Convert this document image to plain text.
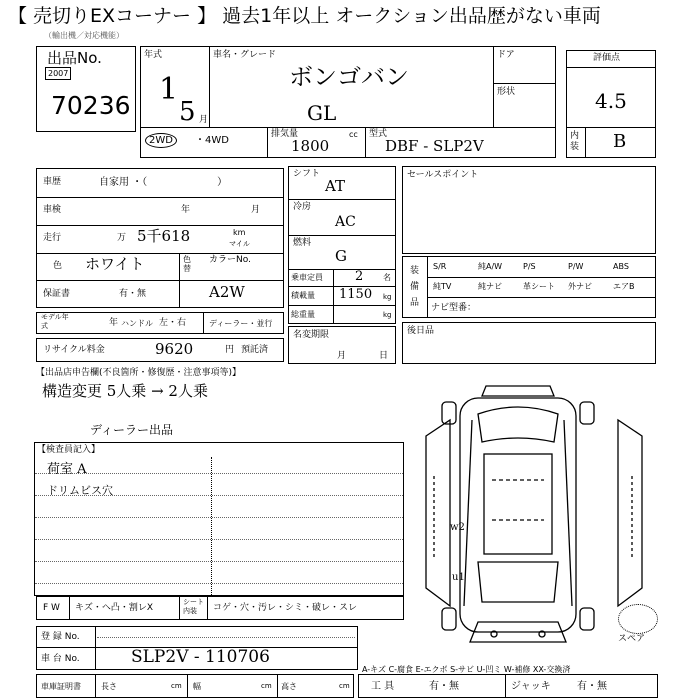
【 売切りEXコーナー 】 過去1年以上 オークション出品歴がない車両
（輸出機／対応機能）
出品No.
2007
70236
年式
1
5 月
車名・グレード
ボンゴバン
GL
ドア
形状
2WD	・4WD
排気量	cc
1800
型式
DBF - SLP2V
評価点
4.5
内装 B
車歴	自家用 ・（　　　　　　　）
車検	年	月
走行	万 5千618	km
マイル
色 ホワイト	色替
カラーNo.
保証書	有・無	A2W
モデル年式	年 ハンドル 左・右	ディーラー・並行
リサイクル料金	9620	円 預託済
シフト
AT
冷房
AC
燃料
G
乗車定員 2 名
積載量 1150 kg
総重量	kg
名変期限
月	日
セールスポイント
装備品
S/R	純A/W	P/S	P/W	ABS
純TV	純ナビ	革シート 外ナビ	エアB
ナビ型番：
後日品
【出品店申告欄(不良箇所・修復歴・注意事項等)】
構造変更 5人乗 → 2人乗
ディーラー出品
【検査員記入】
荷室 A
ドリムビス穴
w2
u1
F W キズ・ヘ凸・割レX
シート内装	コゲ・穴・汚レ・シミ・破レ・スレ
登 録 No.
車 台 No.	SLP2V - 110706
スペア
A-キズ C-腐食 E-エクボ S-サビ U-凹ミ W-補修 XX-交換済
車庫証明書	長さ	cm 幅	cm 高さ	cm 工 具	有・無	ジャッキ	有・無
